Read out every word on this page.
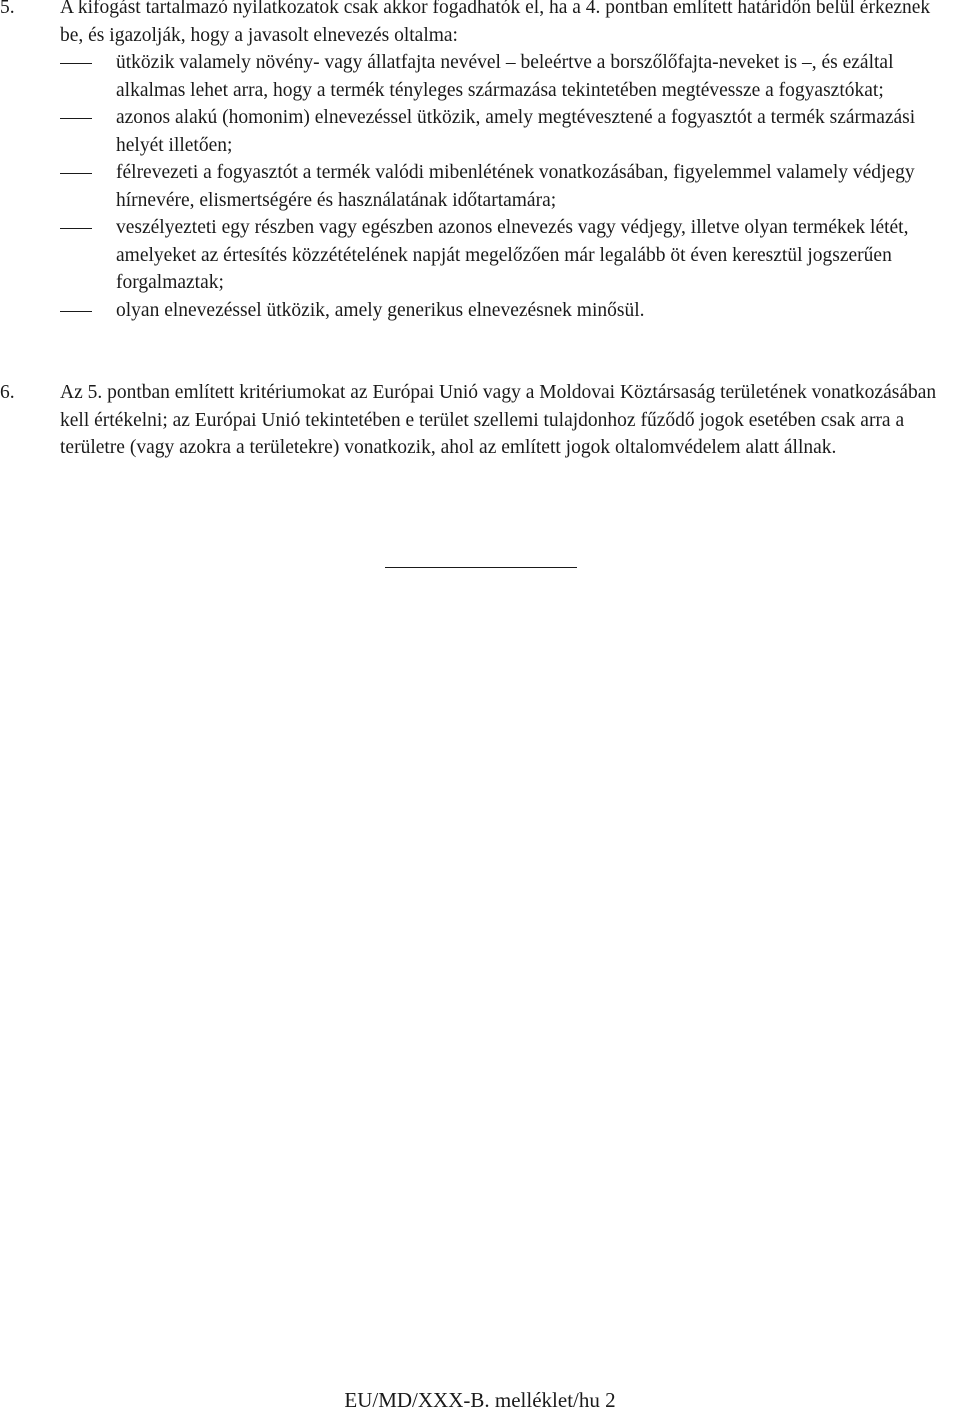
5. A kifogást tartalmazó nyilatkozatok csak akkor fogadhatók el, ha a 4. pontban említett határidőn belül érkeznek be, és igazolják, hogy a javasolt elnevezés oltalma:

ütközik valamely növény- vagy állatfajta nevével – beleértve a borszőlőfajta-neveket is –, és ezáltal alkalmas lehet arra, hogy a termék tényleges származása tekintetében megtévessze a fogyasztókat;
azonos alakú (homonim) elnevezéssel ütközik, amely megtévesztené a fogyasztót a termék származási helyét illetően;
félrevezeti a fogyasztót a termék valódi mibenlétének vonatkozásában, figyelemmel valamely védjegy hírnevére, elismertségére és használatának időtartamára;
veszélyezteti egy részben vagy egészben azonos elnevezés vagy védjegy, illetve olyan termékek létét, amelyeket az értesítés közzétételének napját megelőzően már legalább öt éven keresztül jogszerűen forgalmaztak;
olyan elnevezéssel ütközik, amely generikus elnevezésnek minősül.
6. Az 5. pontban említett kritériumokat az Európai Unió vagy a Moldovai Köztársaság területének vonatkozásában kell értékelni; az Európai Unió tekintetében e terület szellemi tulajdonhoz fűződő jogok esetében csak arra a területre (vagy azokra a területekre) vonatkozik, ahol az említett jogok oltalomvédelem alatt állnak.
EU/MD/XXX-B. melléklet/hu 2
